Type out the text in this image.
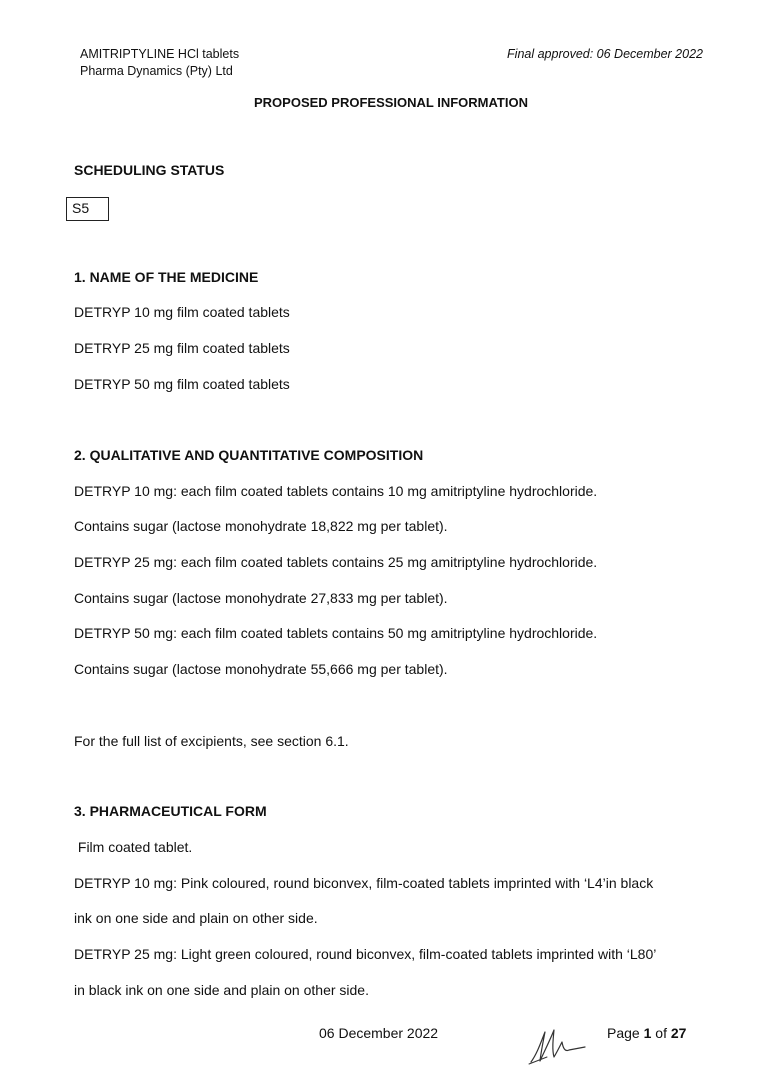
AMITRIPTYLINE HCl tablets
Pharma Dynamics (Pty) Ltd
Final approved: 06 December 2022
PROPOSED PROFESSIONAL INFORMATION
SCHEDULING STATUS
S5
1. NAME OF THE MEDICINE
DETRYP 10 mg film coated tablets
DETRYP 25 mg film coated tablets
DETRYP 50 mg film coated tablets
2. QUALITATIVE AND QUANTITATIVE COMPOSITION
DETRYP 10 mg: each film coated tablets contains 10 mg amitriptyline hydrochloride.
Contains sugar (lactose monohydrate 18,822 mg per tablet).
DETRYP 25 mg: each film coated tablets contains 25 mg amitriptyline hydrochloride.
Contains sugar (lactose monohydrate 27,833 mg per tablet).
DETRYP 50 mg: each film coated tablets contains 50 mg amitriptyline hydrochloride.
Contains sugar (lactose monohydrate 55,666 mg per tablet).
For the full list of excipients, see section 6.1.
3. PHARMACEUTICAL FORM
Film coated tablet.
DETRYP 10 mg: Pink coloured, round biconvex, film-coated tablets imprinted with ‘L4’in black
ink on one side and plain on other side.
DETRYP 25 mg: Light green coloured, round biconvex, film-coated tablets imprinted with ‘L80’
in black ink on one side and plain on other side.
06 December 2022	Page 1 of 27
